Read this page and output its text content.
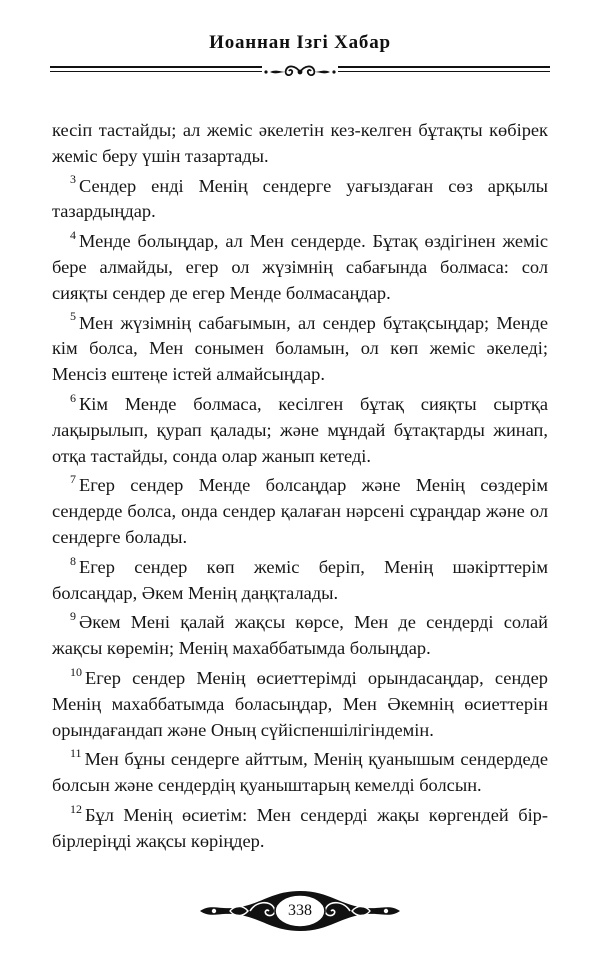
Иоаннан Ізгі Хабар

кесіп тастайды; ал жеміс әкелетін кез-келген бұтақты көбірек жеміс беру үшін тазартады.

$^3$ Сендер енді Менің сендерге уағыздаған сөз арқылы тазардыңдар.

$^4$ Менде болыңдар, ал Мен сендерде. Бұтақ өздігінен жеміс бере алмайды, егер ол жүзімнің сабағында болмаса: сол сияқты сендер де егер Менде болмасаңдар.

$^5$ Мен жүзімнің сабағымын, ал сендер бұтақсыңдар; Менде кім болса, Мен сонымен боламын, ол көп жеміс әкеледі; Менсіз ештеңе істей алмайсыңдар.

$^6$ Кім Менде болмаса, кесілген бұтақ сияқты сыртқа лақырылып, қурап қалады; және мұндай бұтақтарды жинап, отқа тастайды, сонда олар жанып кетеді.

$^7$ Егер сендер Менде болсаңдар және Менің сөздерім сендерде болса, онда сендер қалаған нәрсені сұраңдар және ол сендерге болады.

$^8$ Егер сендер көп жеміс беріп, Менің шәкірттерім болсаңдар, Әкем Менің даңқталады.

$^9$ Әкем Мені қалай жақсы көрсе, Мен де сендерді солай жақсы көремін; Менің махаббатымда болыңдар.

$^{10}$ Егер сендер Менің өсиеттерімді орындасаңдар, сендер Менің махаббатымда боласыңдар, Мен Әкемнің өсиеттерін орындағандап және Оның сүйіспеншілігіндемін.

$^{11}$ Мен бұны сендерге айттым, Менің қуанышым сендердеде болсын және сендердің қуаныштарың кемелді болсын.

$^{12}$ Бұл Менің өсиетім: Мен сендерді жақы көргендей бір-бірлеріңді жақсы көріңдер.

338
